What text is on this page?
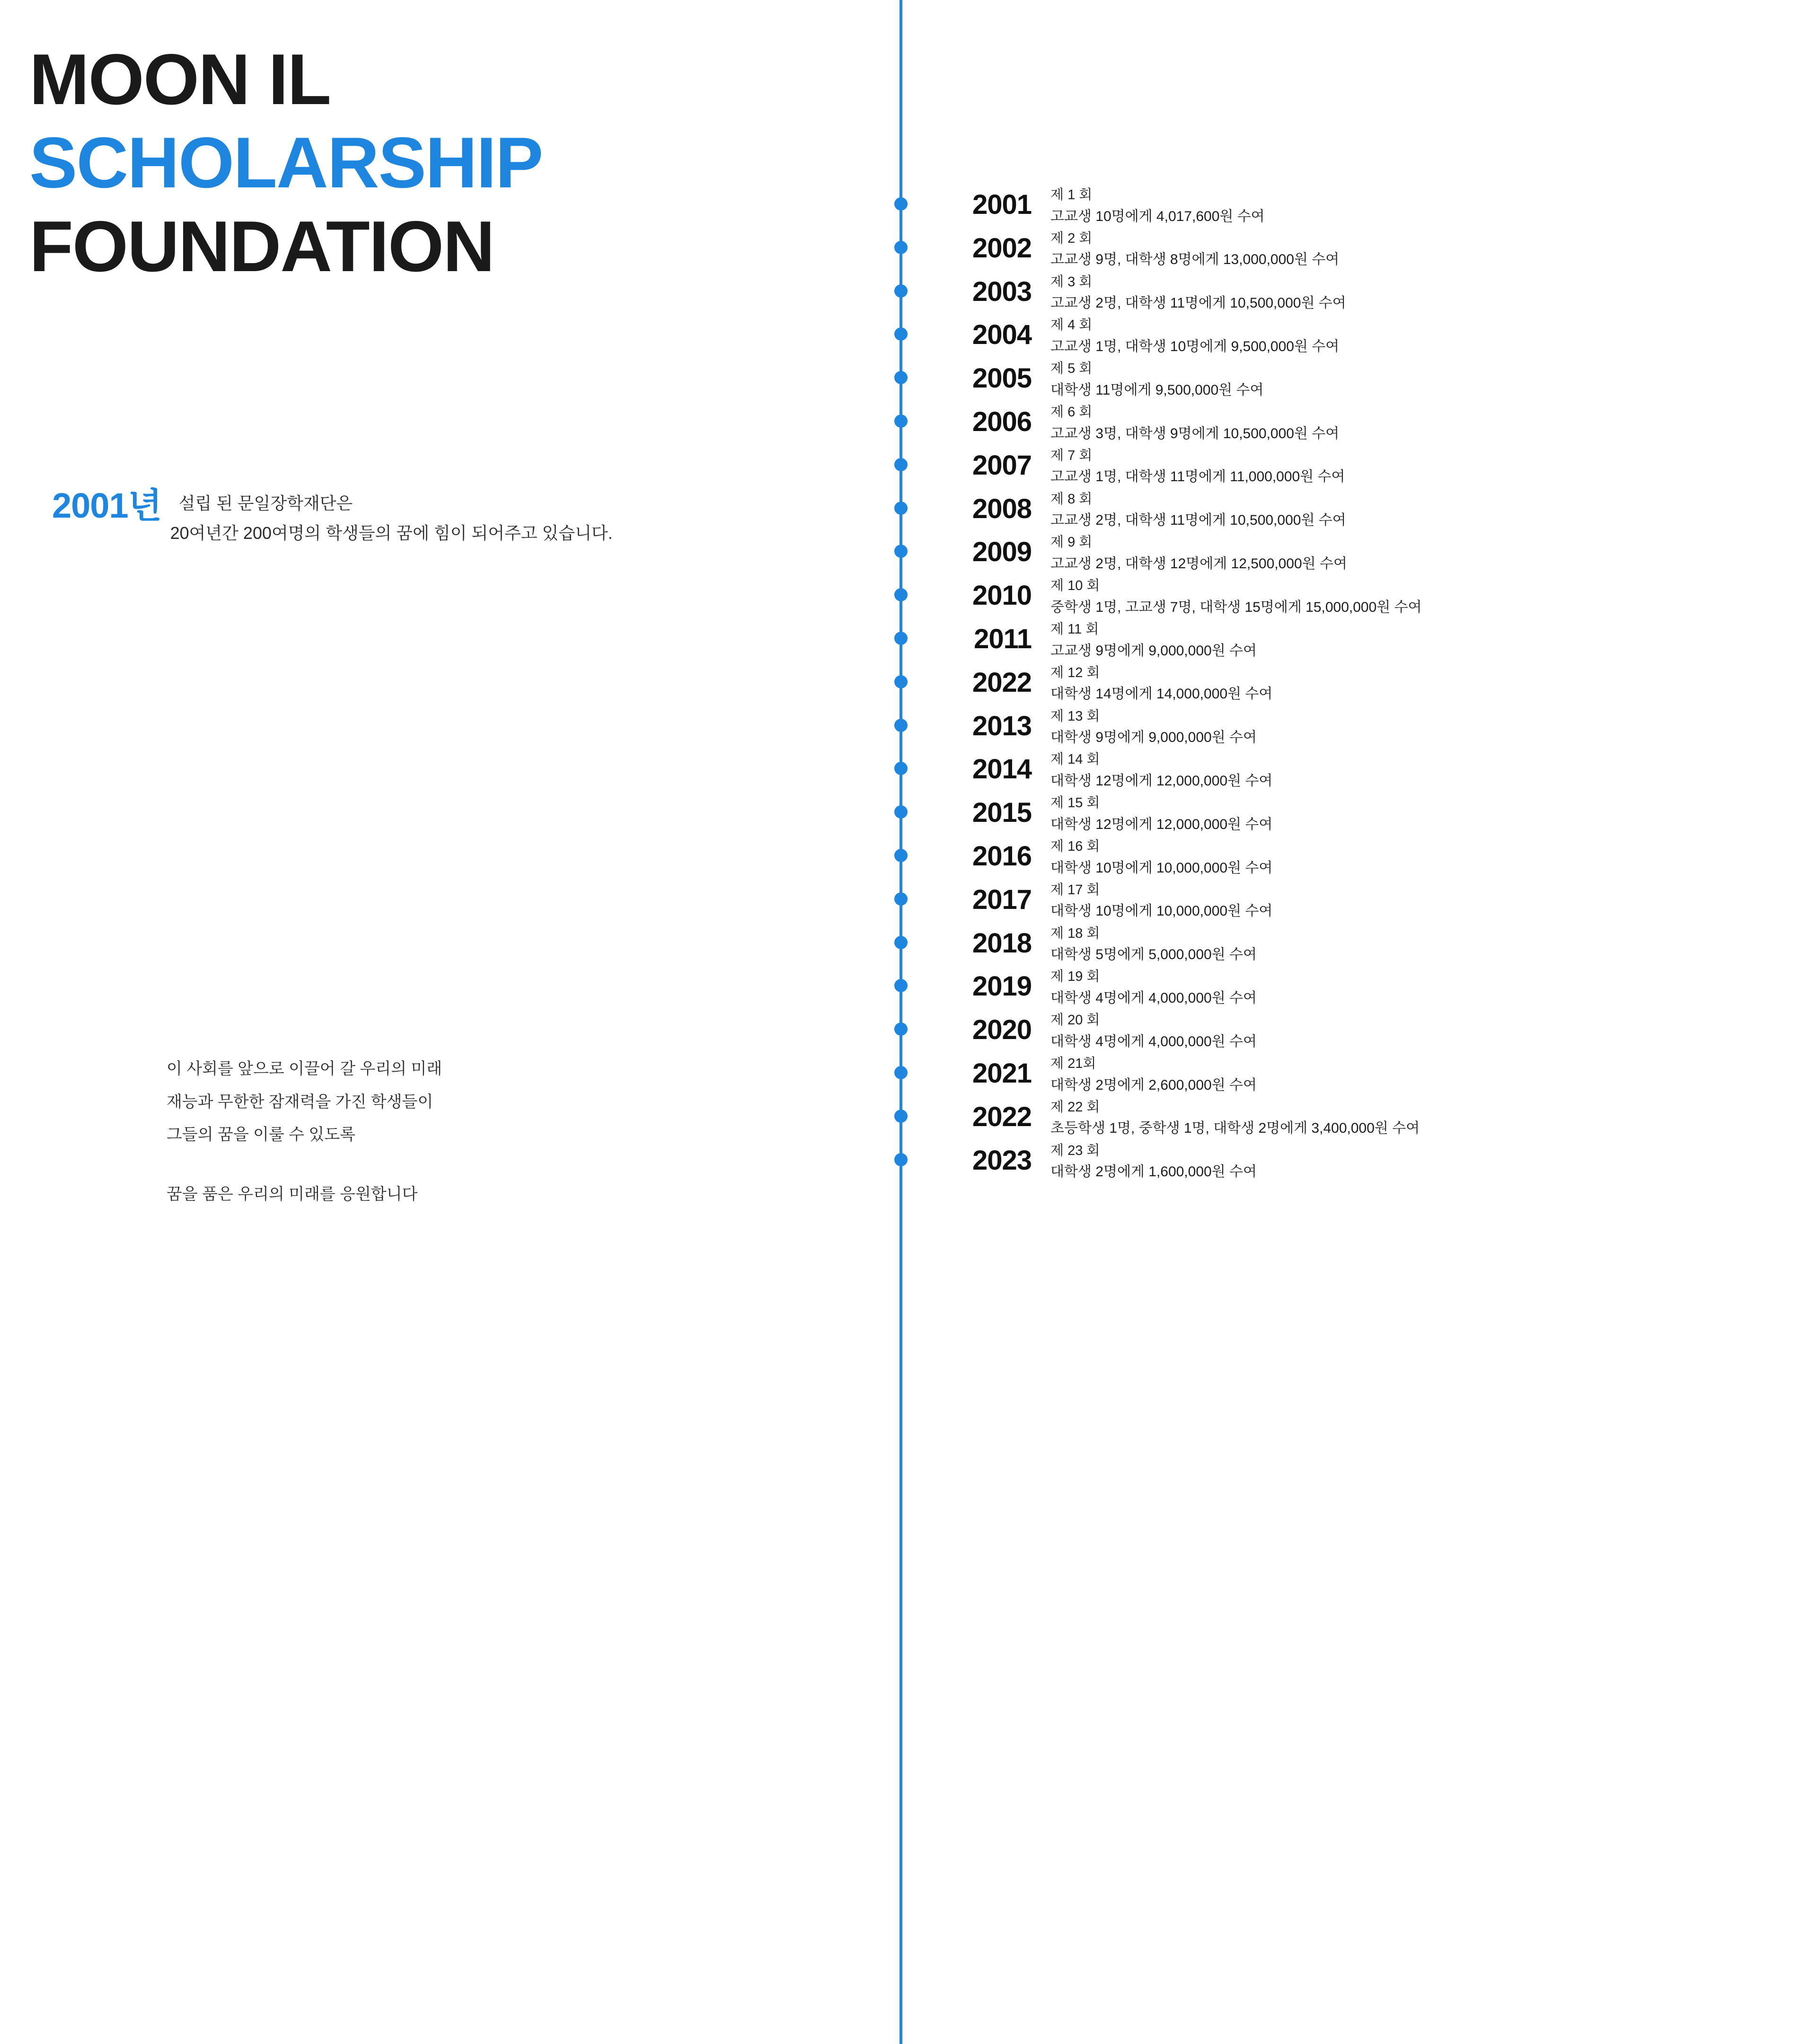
MOON IL
SCHOLARSHIP
FOUNDATION
2001년 설립 된 문일장학재단은
20여년간 200여명의 학생들의 꿈에 힘이 되어주고 있습니다.
이 사회를 앞으로 이끌어 갈 우리의 미래
재능과 무한한 잠재력을 가진 학생들이
그들의 꿈을 이룰 수 있도록
꿈을 품은 우리의 미래를 응원합니다
2001 제 1 회
고교생 10명에게 4,017,600원 수여
2002 제 2 회
고교생 9명, 대학생 8명에게 13,000,000원 수여
2003 제 3 회
고교생 2명, 대학생 11명에게 10,500,000원 수여
2004 제 4 회
고교생 1명, 대학생 10명에게 9,500,000원 수여
2005 제 5 회
대학생 11명에게 9,500,000원 수여
2006 제 6 회
고교생 3명, 대학생 9명에게 10,500,000원 수여
2007 제 7 회
고교생 1명, 대학생 11명에게 11,000,000원 수여
2008 제 8 회
고교생 2명, 대학생 11명에게 10,500,000원 수여
2009 제 9 회
고교생 2명, 대학생 12명에게 12,500,000원 수여
2010 제 10 회
중학생 1명, 고교생 7명, 대학생 15명에게 15,000,000원 수여
2011 제 11 회
고교생 9명에게 9,000,000원 수여
2022 제 12 회
대학생 14명에게 14,000,000원 수여
2013 제 13 회
대학생 9명에게 9,000,000원 수여
2014 제 14 회
대학생 12명에게 12,000,000원 수여
2015 제 15 회
대학생 12명에게 12,000,000원 수여
2016 제 16 회
대학생 10명에게 10,000,000원 수여
2017 제 17 회
대학생 10명에게 10,000,000원 수여
2018 제 18 회
대학생 5명에게 5,000,000원 수여
2019 제 19 회
대학생 4명에게 4,000,000원 수여
2020 제 20 회
대학생 4명에게 4,000,000원 수여
2021 제 21회
대학생 2명에게 2,600,000원 수여
2022 제 22 회
초등학생 1명, 중학생 1명, 대학생 2명에게 3,400,000원 수여
2023 제 23 회
대학생 2명에게 1,600,000원 수여
